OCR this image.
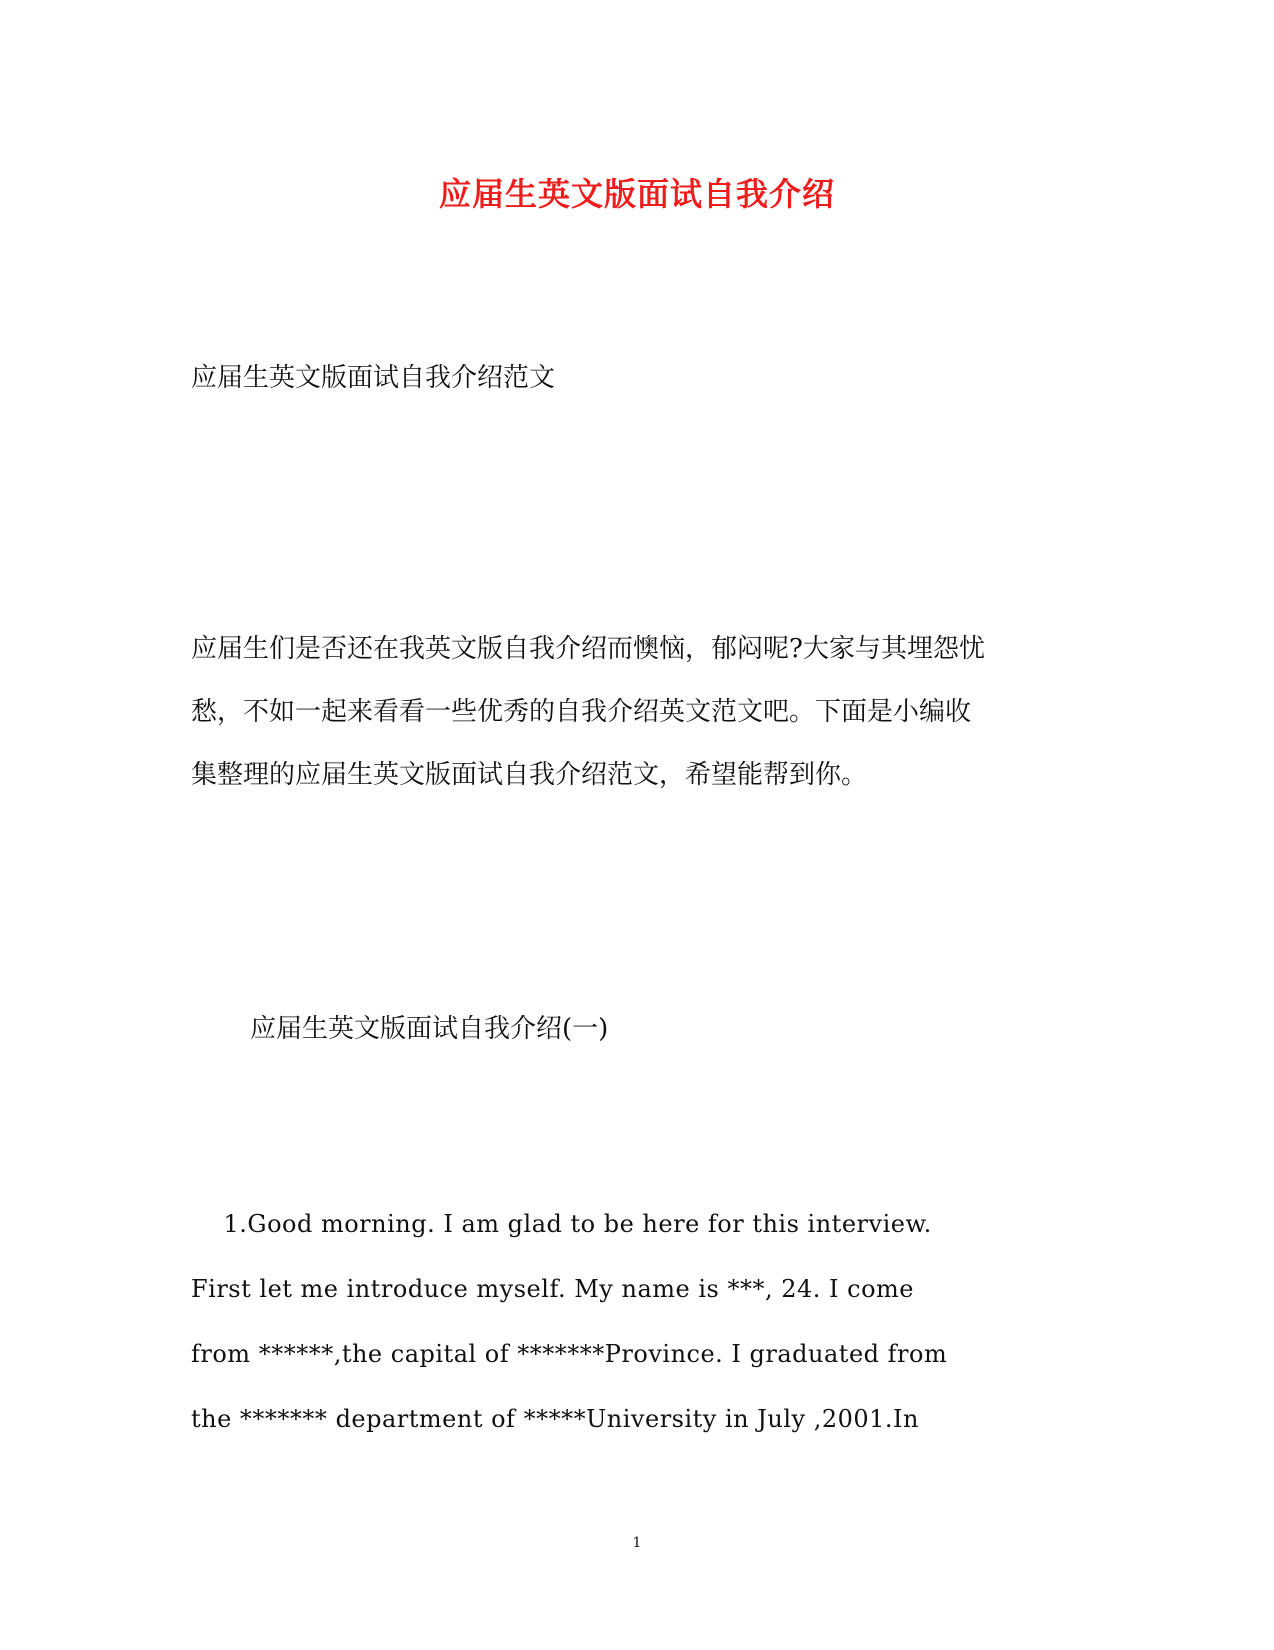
应届生英文版面试自我介绍
应届生英文版面试自我介绍范文
应届生们是否还在我英文版自我介绍而懊恼，郁闷呢?大家与其埋怨忧
愁，不如一起来看看一些优秀的自我介绍英文范文吧。下面是小编收
集整理的应届生英文版面试自我介绍范文，希望能帮到你。
应届生英文版面试自我介绍(一)
1.Good morning. I am glad to be here for this interview.
First let me introduce myself. My name is ***, 24. I come
from ******,the capital of *******Province. I graduated from
the ******* department of *****University in July ,2001.In
1
